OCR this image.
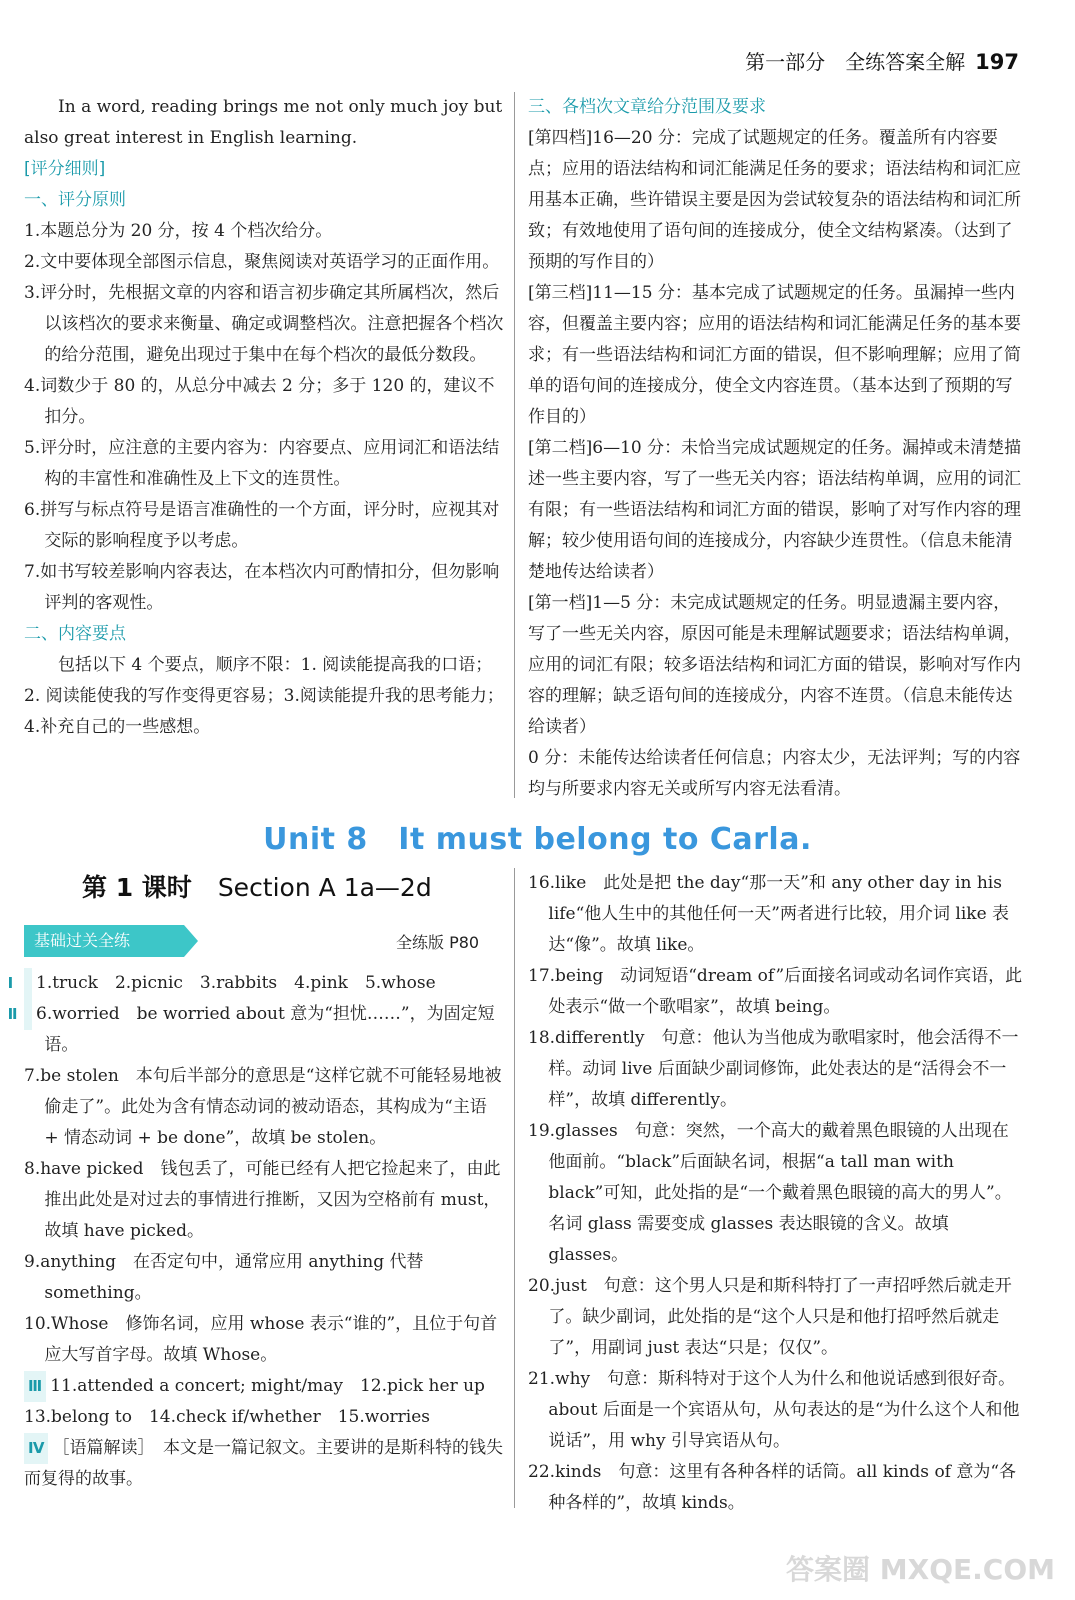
第一部分　全练答案全解 197

In a word, reading brings me not only much joy but also great interest in English learning.

[评分细则]

一、评分原则

1.本题总分为 20 分，按 4 个档次给分。

2.文中要体现全部图示信息，聚焦阅读对英语学习的正面作用。

3.评分时，先根据文章的内容和语言初步确定其所属档次，然后以该档次的要求来衡量、确定或调整档次。注意把握各个档次的给分范围，避免出现过于集中在每个档次的最低分数段。

4.词数少于 80 的，从总分中减去 2 分；多于 120 的，建议不扣分。

5.评分时，应注意的主要内容为：内容要点、应用词汇和语法结构的丰富性和准确性及上下文的连贯性。

6.拼写与标点符号是语言准确性的一个方面，评分时，应视其对交际的影响程度予以考虑。

7.如书写较差影响内容表达，在本档次内可酌情扣分，但勿影响评判的客观性。

二、内容要点

包括以下 4 个要点，顺序不限：1. 阅读能提高我的口语；2. 阅读能使我的写作变得更容易；3.阅读能提升我的思考能力；4.补充自己的一些感想。

三、各档次文章给分范围及要求

[第四档]16—20 分：完成了试题规定的任务。覆盖所有内容要点；应用的语法结构和词汇能满足任务的要求；语法结构和词汇应用基本正确，些许错误主要是因为尝试较复杂的语法结构和词汇所致；有效地使用了语句间的连接成分，使全文结构紧凑。（达到了预期的写作目的）

[第三档]11—15 分：基本完成了试题规定的任务。虽漏掉一些内容，但覆盖主要内容；应用的语法结构和词汇能满足任务的基本要求；有一些语法结构和词汇方面的错误，但不影响理解；应用了简单的语句间的连接成分，使全文内容连贯。（基本达到了预期的写作目的）

[第二档]6—10 分：未恰当完成试题规定的任务。漏掉或未清楚描述一些主要内容，写了一些无关内容；语法结构单调，应用的词汇有限；有一些语法结构和词汇方面的错误，影响了对写作内容的理解；较少使用语句间的连接成分，内容缺少连贯性。（信息未能清楚地传达给读者）

[第一档]1—5 分：未完成试题规定的任务。明显遗漏主要内容，写了一些无关内容，原因可能是未理解试题要求；语法结构单调，应用的词汇有限；较多语法结构和词汇方面的错误，影响对写作内容的理解；缺乏语句间的连接成分，内容不连贯。（信息未能传达给读者）

0 分：未能传达给读者任何信息；内容太少，无法评判；写的内容均与所要求内容无关或所写内容无法看清。

Unit 8　It must belong to Carla.
第 1 课时 Section A 1a—2d
基础过关全练	全练版 P80

Ⅰ 1.truck　2.picnic　3.rabbits　4.pink　5.whose

Ⅱ 6.worried　be worried about 意为“担忧……”，为固定短语。

7.be stolen　本句后半部分的意思是“这样它就不可能轻易地被偷走了”。此处为含有情态动词的被动语态，其构成为“主语 + 情态动词 + be done”，故填 be stolen。

8.have picked　钱包丢了，可能已经有人把它捡起来了，由此推出此处是对过去的事情进行推断，又因为空格前有 must，故填 have picked。

9.anything　在否定句中，通常应用 anything 代替 something。

10.Whose　修饰名词，应用 whose 表示“谁的”，且位于句首应大写首字母。故填 Whose。

Ⅲ 11.attended a concert; might/may　12.pick her up

13.belong to　14.check if/whether　15.worries

Ⅳ ［语篇解读］　本文是一篇记叙文。主要讲的是斯科特的钱失而复得的故事。

16.like　此处是把 the day“那一天”和 any other day in his life“他人生中的其他任何一天”两者进行比较，用介词 like 表达“像”。故填 like。

17.being　动词短语“dream of”后面接名词或动名词作宾语，此处表示“做一个歌唱家”，故填 being。

18.differently　句意：他认为当他成为歌唱家时，他会活得不一样。动词 live 后面缺少副词修饰，此处表达的是“活得会不一样”，故填 differently。

19.glasses　句意：突然，一个高大的戴着黑色眼镜的人出现在他面前。“black”后面缺名词，根据“a tall man with black”可知，此处指的是“一个戴着黑色眼镜的高大的男人”。名词 glass 需要变成 glasses 表达眼镜的含义。故填 glasses。

20.just　句意：这个男人只是和斯科特打了一声招呼然后就走开了。缺少副词，此处指的是“这个人只是和他打招呼然后就走了”，用副词 just 表达“只是；仅仅”。

21.why　句意：斯科特对于这个人为什么和他说话感到很好奇。about 后面是一个宾语从句，从句表达的是“为什么这个人和他说话”，用 why 引导宾语从句。

22.kinds　句意：这里有各种各样的话筒。all kinds of 意为“各种各样的”，故填 kinds。

答案圈 MXQE.COM
